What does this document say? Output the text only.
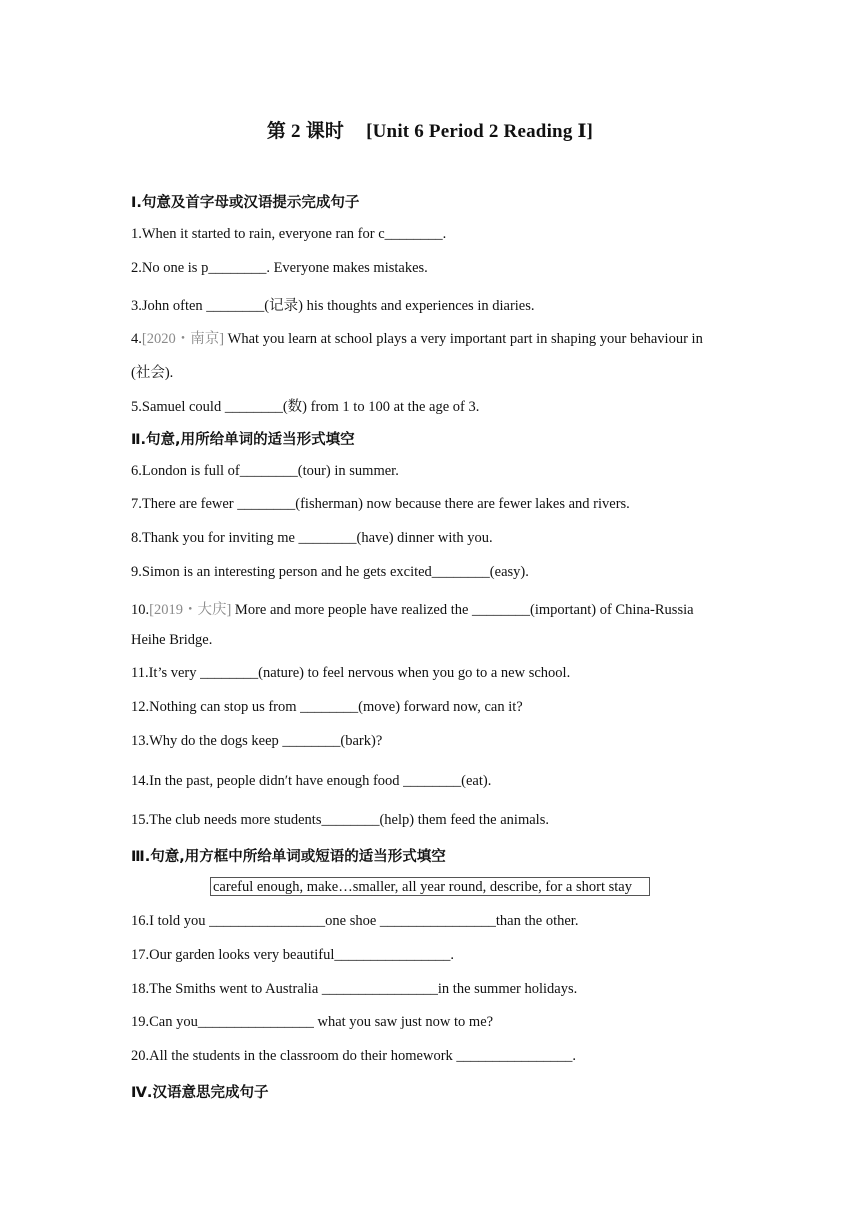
第 2 课时 [Unit 6 Period 2 Reading Ⅰ]
Ⅰ.句意及首字母或汉语提示完成句子
1.When it started to rain, everyone ran for c________.
2.No one is p________. Everyone makes mistakes.
3.John often ________(记录) his thoughts and experiences in diaries.
4.[2020・南京] What you learn at school plays a very important part in shaping your behaviour in
(社会).
5.Samuel could ________(数) from 1 to 100 at the age of 3.
Ⅱ.句意,用所给单词的适当形式填空
6.London is full of________(tour) in summer.
7.There are fewer ________(fisherman) now because there are fewer lakes and rivers.
8.Thank you for inviting me ________(have) dinner with you.
9.Simon is an interesting person and he gets excited________(easy).
10.[2019・大庆] More and more people have realized the ________(important) of China-Russia
Heihe Bridge.
11.It’s very ________(nature) to feel nervous when you go to a new school.
12.Nothing can stop us from ________(move) forward now, can it?
13.Why do the dogs keep ________(bark)?
14.In the past, people didn′t have enough food ________(eat).
15.The club needs more students________(help) them feed the animals.
Ⅲ.句意,用方框中所给单词或短语的适当形式填空
careful enough, make…smaller, all year round, describe, for a short stay
16.I told you ________________one shoe ________________than the other.
17.Our garden looks very beautiful________________.
18.The Smiths went to Australia ________________in the summer holidays.
19.Can you________________ what you saw just now to me?
20.All the students in the classroom do their homework ________________.
Ⅳ.汉语意思完成句子
